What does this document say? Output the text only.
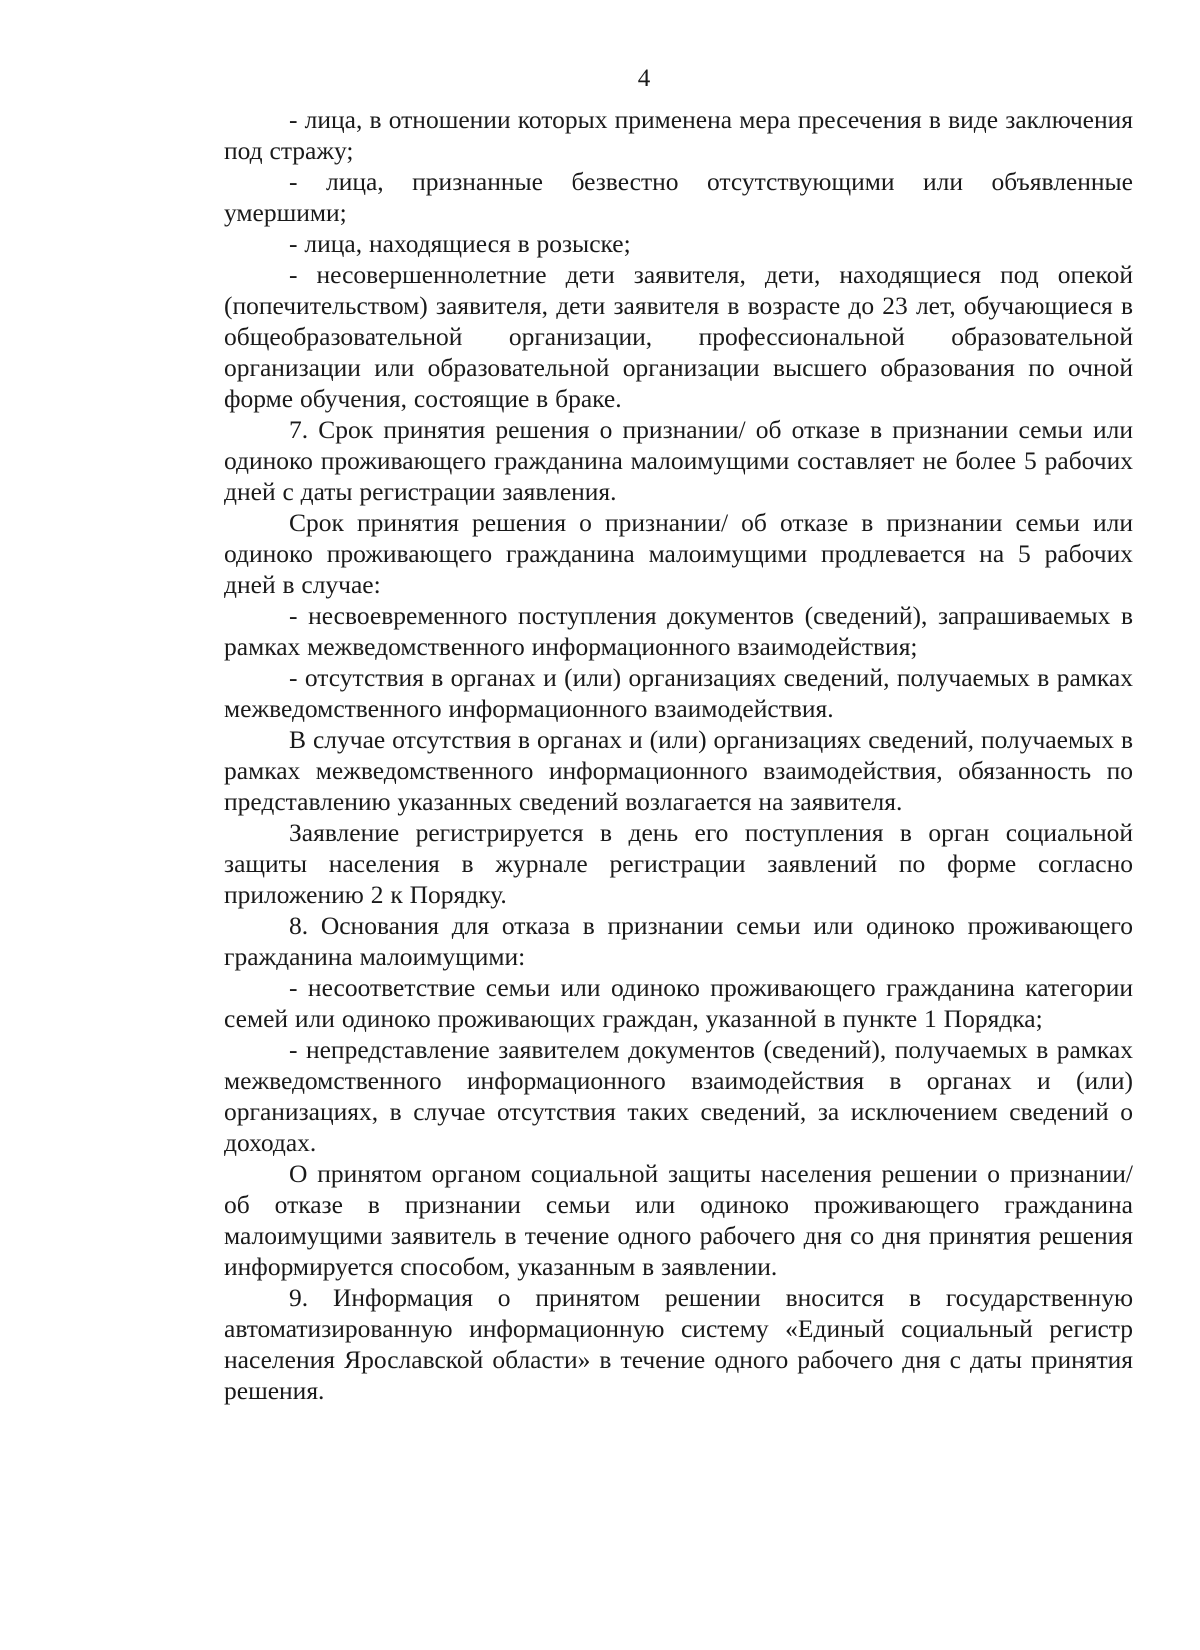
4

- лица, в отношении которых применена мера пресечения в виде заключения под стражу;

- лица, признанные безвестно отсутствующими или объявленные умершими;

- лица, находящиеся в розыске;

- несовершеннолетние дети заявителя, дети, находящиеся под опекой (попечительством) заявителя, дети заявителя в возрасте до 23 лет, обучающиеся в общеобразовательной организации, профессиональной образовательной организации или образовательной организации высшего образования по очной форме обучения, состоящие в браке.

7. Срок принятия решения о признании/ об отказе в признании семьи или одиноко проживающего гражданина малоимущими составляет не более 5 рабочих дней с даты регистрации заявления.

Срок принятия решения о признании/ об отказе в признании семьи или одиноко проживающего гражданина малоимущими продлевается на 5 рабочих дней в случае:

- несвоевременного поступления документов (сведений), запрашиваемых в рамках межведомственного информационного взаимодействия;

- отсутствия в органах и (или) организациях сведений, получаемых в рамках межведомственного информационного взаимодействия.

В случае отсутствия в органах и (или) организациях сведений, получаемых в рамках межведомственного информационного взаимодействия, обязанность по представлению указанных сведений возлагается на заявителя.

Заявление регистрируется в день его поступления в орган социальной защиты населения в журнале регистрации заявлений по форме согласно приложению 2 к Порядку.

8. Основания для отказа в признании семьи или одиноко проживающего гражданина малоимущими:

- несоответствие семьи или одиноко проживающего гражданина категории семей или одиноко проживающих граждан, указанной в пункте 1 Порядка;

- непредставление заявителем документов (сведений), получаемых в рамках межведомственного информационного взаимодействия в органах и (или) организациях, в случае отсутствия таких сведений, за исключением сведений о доходах.

О принятом органом социальной защиты населения решении о признании/ об отказе в признании семьи или одиноко проживающего гражданина малоимущими заявитель в течение одного рабочего дня со дня принятия решения информируется способом, указанным в заявлении.

9. Информация о принятом решении вносится в государственную автоматизированную информационную систему «Единый социальный регистр населения Ярославской области» в течение одного рабочего дня с даты принятия решения.
